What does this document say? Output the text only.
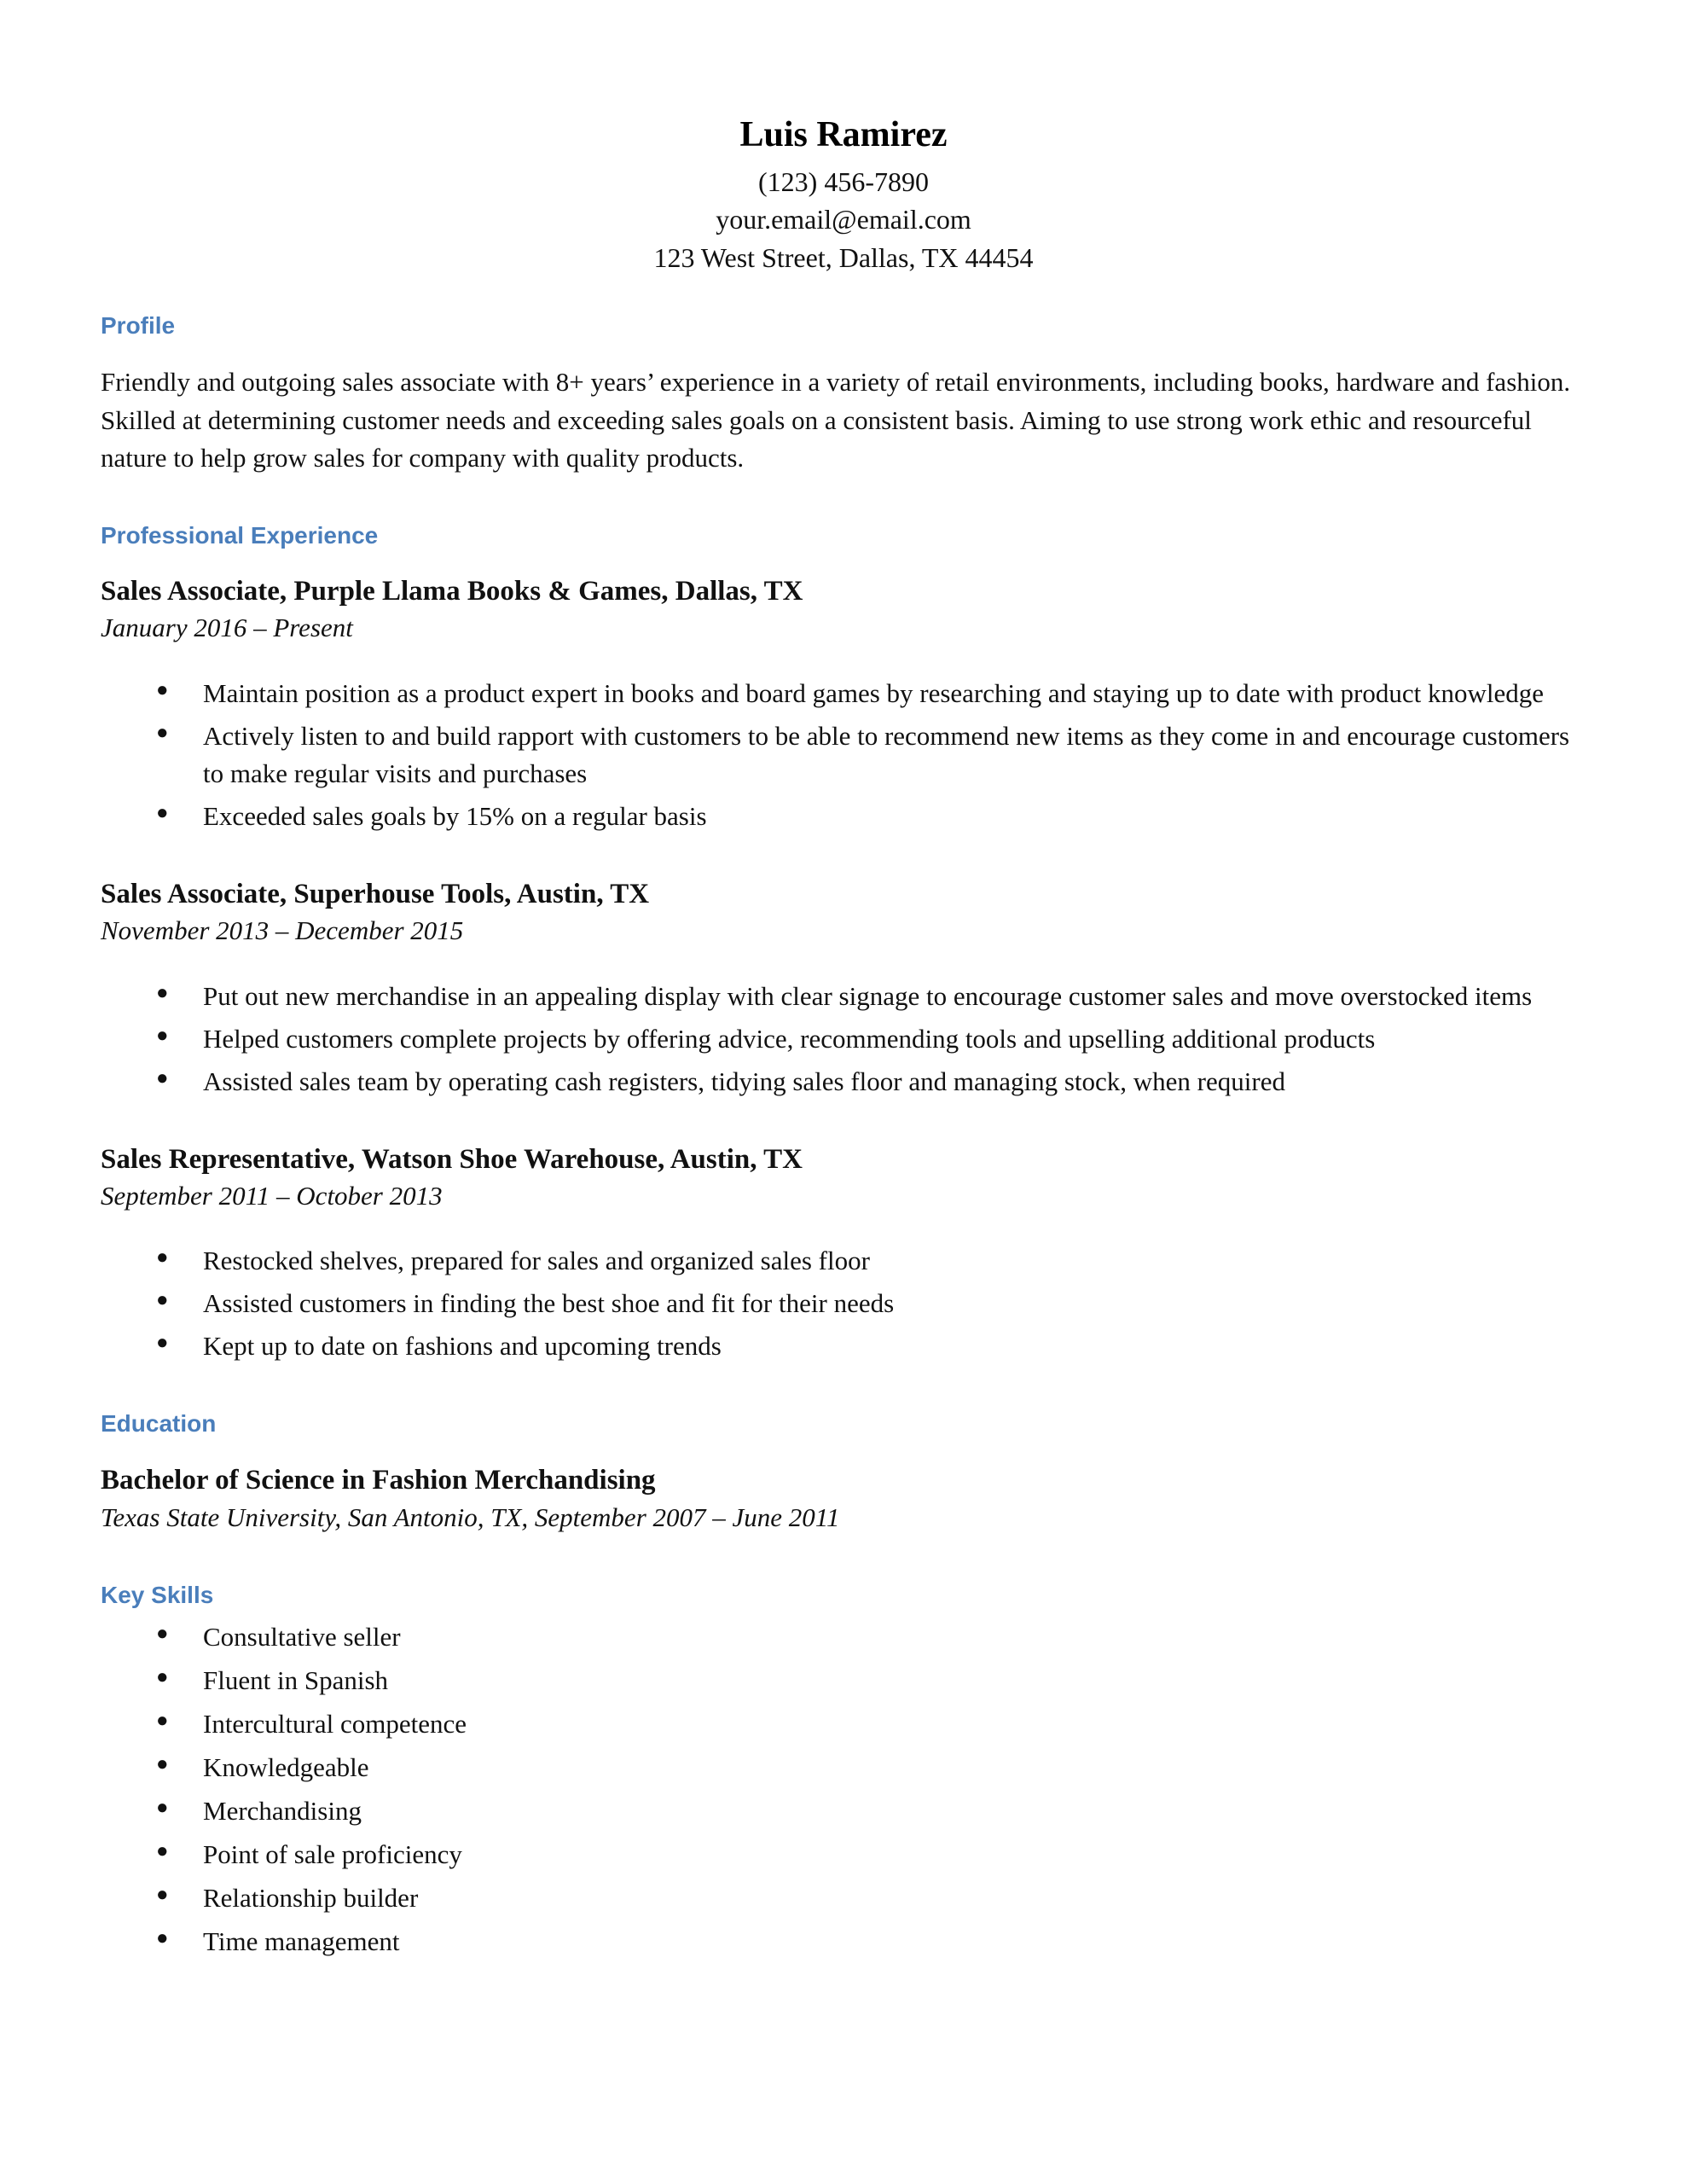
Luis Ramirez
(123) 456-7890
your.email@email.com
123 West Street, Dallas, TX 44454
Profile

Friendly and outgoing sales associate with 8+ years’ experience in a variety of retail environments, including books, hardware and fashion. Skilled at determining customer needs and exceeding sales goals on a consistent basis. Aiming to use strong work ethic and resourceful nature to help grow sales for company with quality products.

Professional Experience

Sales Associate, Purple Llama Books & Games, Dallas, TX

January 2016 – Present

● Maintain position as a product expert in books and board games by researching and staying up to date with product knowledge
● Actively listen to and build rapport with customers to be able to recommend new items as they come in and encourage customers to make regular visits and purchases
● Exceeded sales goals by 15% on a regular basis

Sales Associate, Superhouse Tools, Austin, TX

November 2013 – December 2015

● Put out new merchandise in an appealing display with clear signage to encourage customer sales and move overstocked items
● Helped customers complete projects by offering advice, recommending tools and upselling additional products
● Assisted sales team by operating cash registers, tidying sales floor and managing stock, when required

Sales Representative, Watson Shoe Warehouse, Austin, TX

September 2011 – October 2013

● Restocked shelves, prepared for sales and organized sales floor
● Assisted customers in finding the best shoe and fit for their needs
● Kept up to date on fashions and upcoming trends
Education

Bachelor of Science in Fashion Merchandising

Texas State University, San Antonio, TX, September 2007 – June 2011

Key Skills
● Consultative seller
● Fluent in Spanish
● Intercultural competence
● Knowledgeable
● Merchandising
● Point of sale proficiency
● Relationship builder
● Time management
